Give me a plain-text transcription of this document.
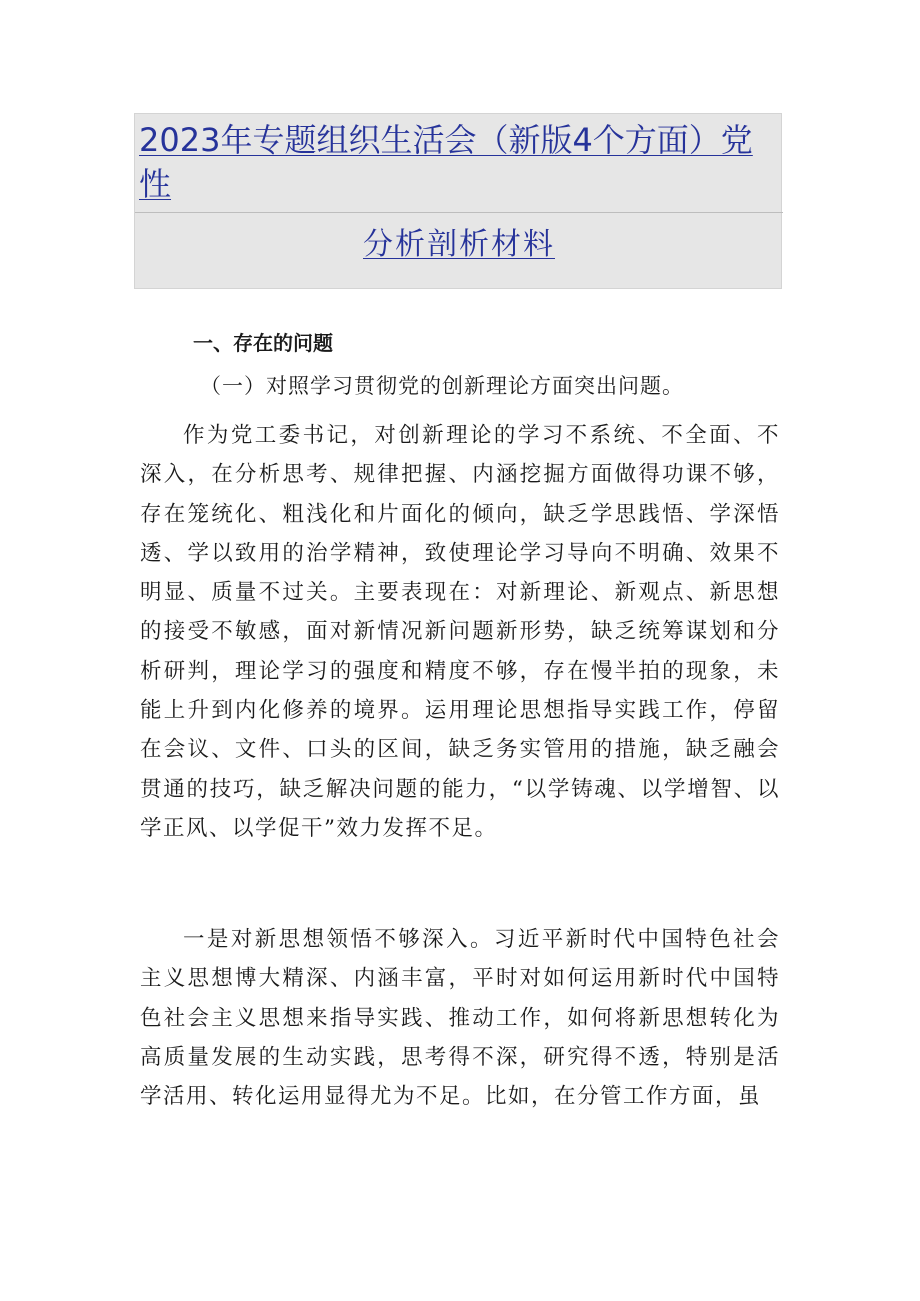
2023年专题组织生活会（新版4个方面）党性
分析剖析材料
一、存在的问题
（一）对照学习贯彻党的创新理论方面突出问题。

作为党工委书记，对创新理论的学习不系统、不全面、不深入，在分析思考、规律把握、内涵挖掘方面做得功课不够，存在笼统化、粗浅化和片面化的倾向，缺乏学思践悟、学深悟透、学以致用的治学精神，致使理论学习导向不明确、效果不明显、质量不过关。主要表现在：对新理论、新观点、新思想的接受不敏感，面对新情况新问题新形势，缺乏统筹谋划和分析研判，理论学习的强度和精度不够，存在慢半拍的现象，未能上升到内化修养的境界。运用理论思想指导实践工作，停留在会议、文件、口头的区间，缺乏务实管用的措施，缺乏融会贯通的技巧，缺乏解决问题的能力，“以学铸魂、以学增智、以学正风、以学促干”效力发挥不足。

一是对新思想领悟不够深入。习近平新时代中国特色社会主义思想博大精深、内涵丰富，平时对如何运用新时代中国特色社会主义思想来指导实践、推动工作，如何将新思想转化为高质量发展的生动实践，思考得不深，研究得不透，特别是活学活用、转化运用显得尤为不足。比如，在分管工作方面，虽
